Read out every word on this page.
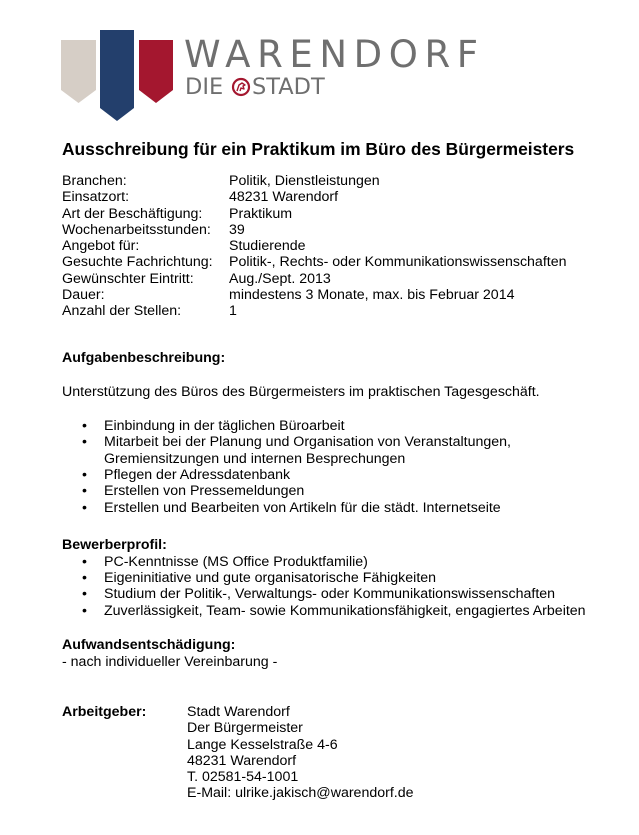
WARENDORF
DIE STADT
Ausschreibung für ein Praktikum im Büro des Bürgermeisters
Branchen:	Politik, Dienstleistungen
Einsatzort:	48231 Warendorf
Art der Beschäftigung: Praktikum
Wochenarbeitsstunden: 39
Angebot für:	Studierende
Gesuchte Fachrichtung: Politik-, Rechts- oder Kommunikationswissenschaften
Gewünschter Eintritt: Aug./Sept. 2013
Dauer:	mindestens 3 Monate, max. bis Februar 2014
Anzahl der Stellen:	1
Aufgabenbeschreibung:
Unterstützung des Büros des Bürgermeisters im praktischen Tagesgeschäft.
• Einbindung in der täglichen Büroarbeit
• Mitarbeit bei der Planung und Organisation von Veranstaltungen,
Gremiensitzungen und internen Besprechungen
• Pflegen der Adressdatenbank
• Erstellen von Pressemeldungen
• Erstellen und Bearbeiten von Artikeln für die städt. Internetseite
Bewerberprofil:
• PC-Kenntnisse (MS Office Produktfamilie)
• Eigeninitiative und gute organisatorische Fähigkeiten
• Studium der Politik-, Verwaltungs- oder Kommunikationswissenschaften
• Zuverlässigkeit, Team- sowie Kommunikationsfähigkeit, engagiertes Arbeiten
Aufwandsentschädigung:
- nach individueller Vereinbarung -
Arbeitgeber:	Stadt Warendorf
Der Bürgermeister
Lange Kesselstraße 4-6
48231 Warendorf
T. 02581-54-1001
E-Mail: ulrike.jakisch@warendorf.de
